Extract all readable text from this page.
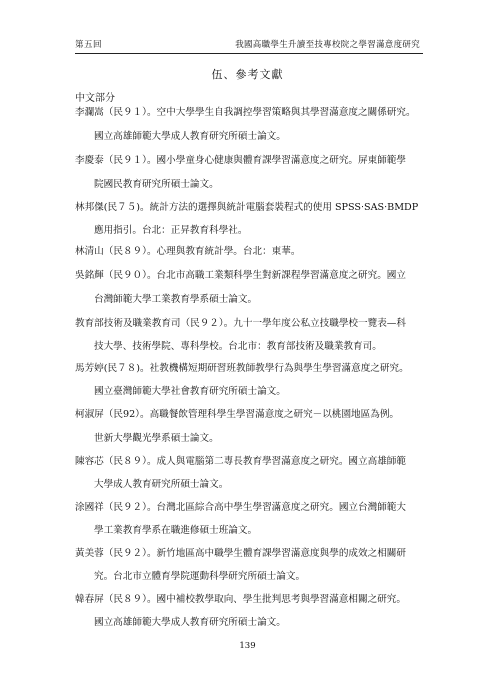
第五回	我國高職學生升讀至技專校院之學習滿意度研究
伍、參考文獻
中文部分
李瀾嵩（民９１）。空中大學學生自我調控學習策略與其學習滿意度之關係研究。
國立高雄師範大學成人教育研究所碩士論文。
李慶泰（民９１）。國小學童身心健康與體育課學習滿意度之研究。屏東師範學
院國民教育研究所碩士論文。
林邦傑(民７５)。統計方法的選擇與統計電腦套裝程式的使用 SPSS‧SAS‧BMDP
應用指引。台北：正昇教育科學社。
林清山（民８９）。心理與教育統計學。台北：東華。
吳銘輝（民９０）。台北市高職工業類科學生對新課程學習滿意度之研究。國立
台灣師範大學工業教育學系碩士論文。
教育部技術及職業教育司（民９２）。九十一學年度公私立技職學校一覽表—科
技大學、技術學院、專科學校。台北市：教育部技術及職業教育司。
馬芳婷(民７８)。社教機構短期研習班教師教學行為與學生學習滿意度之研究。
國立臺灣師範大學社會教育研究所碩士論文。
柯淑屏（民92）。高職餐飲管理科學生學習滿意度之研究－以桃園地區為例。
世新大學觀光學系碩士論文。
陳容芯（民８９）。成人與電腦第二專長教育學習滿意度之研究。國立高雄師範
大學成人教育研究所碩士論文。
涂國祥（民９２）。台灣北區綜合高中學生學習滿意度之研究。國立台灣師範大
學工業教育學系在職進修碩士班論文。
黃美蓉（民９２）。新竹地區高中職學生體育課學習滿意度與學的成效之相關研
究。台北市立體育學院運動科學研究所碩士論文。
韓春屏（民８９）。國中補校教學取向、學生批判思考與學習滿意相關之研究。
國立高雄師範大學成人教育研究所碩士論文。
139
